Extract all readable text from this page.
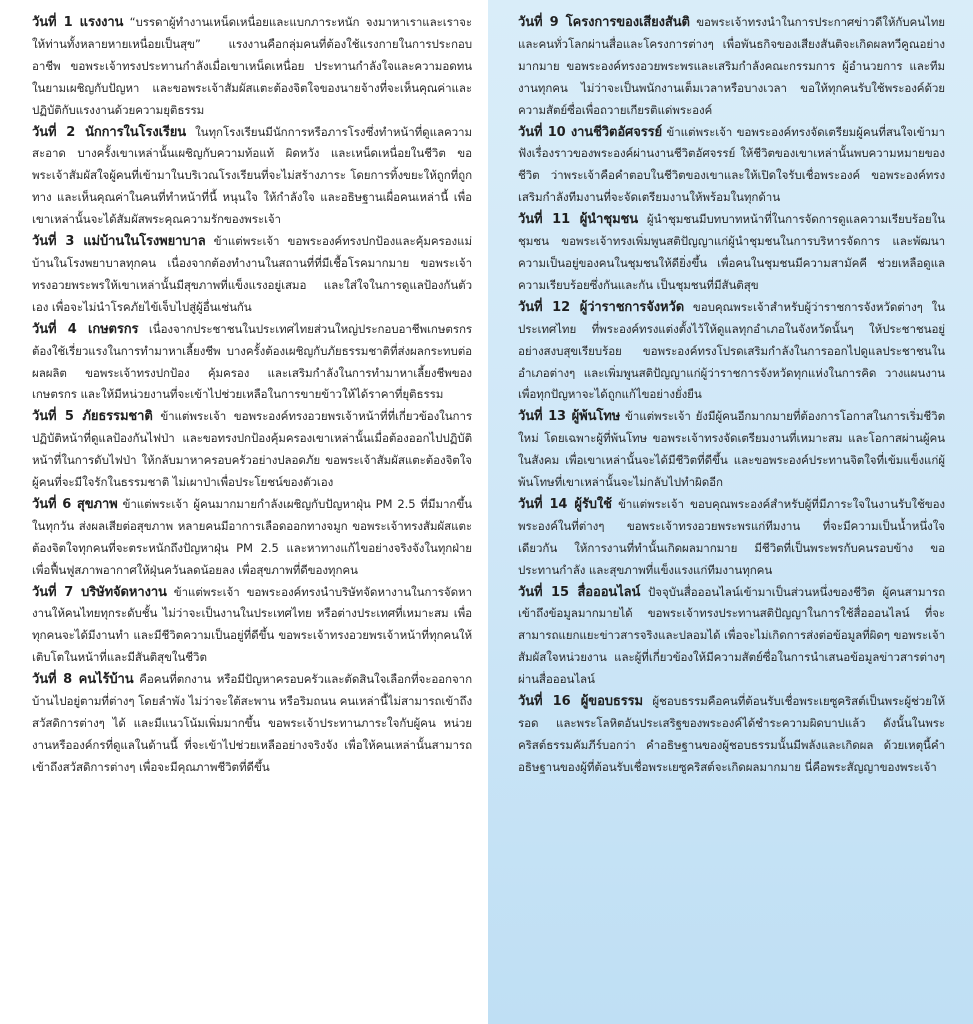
วันที่ 1 แรงงาน “บรรดาผู้ทำงานเหน็ดเหนื่อยและแบกภาระหนัก จงมาหาเราและเราจะให้ท่านทั้งหลายหายเหนื่อยเป็นสุข” แรงงานคือกลุ่มคนที่ต้องใช้แรงกายในการประกอบอาชีพ ขอพระเจ้าทรงประทานกำลังเมื่อเขาเหน็ดเหนื่อย ประทานกำลังใจและความอดทนในยามเผชิญกับปัญหา และขอพระเจ้าสัมผัสแตะต้องจิตใจของนายจ้างที่จะเห็นคุณค่าและปฏิบัติกับแรงงานด้วยความยุติธรรม

วันที่ 2 นักการในโรงเรียน ในทุกโรงเรียนมีนักการหรือภารโรงซึ่งทำหน้าที่ดูแลความสะอาด บางครั้งเขาเหล่านั้นเผชิญกับความท้อแท้ ผิดหวัง และเหน็ดเหนื่อยในชีวิต ขอพระเจ้าสัมผัสใจผู้คนที่เข้ามาในบริเวณโรงเรียนที่จะไม่สร้างภาระ โดยการทิ้งขยะให้ถูกที่ถูกทาง และเห็นคุณค่าในคนที่ทำหน้าที่นี้ หนุนใจ ให้กำลังใจ และอธิษฐานเผื่อคนเหล่านี้ เพื่อเขาเหล่านั้นจะได้สัมผัสพระคุณความรักของพระเจ้า

วันที่ 3 แม่บ้านในโรงพยาบาล ข้าแต่พระเจ้า ขอพระองค์ทรงปกป้องและคุ้มครองแม่บ้านในโรงพยาบาลทุกคน เนื่องจากต้องทำงานในสถานที่ที่มีเชื้อโรคมากมาย ขอพระเจ้าทรงอวยพระพรให้เขาเหล่านั้นมีสุขภาพที่แข็งแรงอยู่เสมอ และใส่ใจในการดูแลป้องกันตัวเอง เพื่อจะไม่นำโรคภัยไข้เจ็บไปสู่ผู้อื่นเช่นกัน

วันที่ 4 เกษตรกร เนื่องจากประชาชนในประเทศไทยส่วนใหญ่ประกอบอาชีพเกษตรกร ต้องใช้เรี่ยวแรงในการทำมาหาเลี้ยงชีพ บางครั้งต้องเผชิญกับภัยธรรมชาติที่ส่งผลกระทบต่อผลผลิต ขอพระเจ้าทรงปกป้อง คุ้มครอง และเสริมกำลังในการทำมาหาเลี้ยงชีพของเกษตรกร และให้มีหน่วยงานที่จะเข้าไปช่วยเหลือในการขายข้าวให้ได้ราคาที่ยุติธรรม

วันที่ 5 ภัยธรรมชาติ ข้าแต่พระเจ้า ขอพระองค์ทรงอวยพรเจ้าหน้าที่ที่เกี่ยวข้องในการปฏิบัติหน้าที่ดูแลป้องกันไฟป่า และขอทรงปกป้องคุ้มครองเขาเหล่านั้นเมื่อต้องออกไปปฏิบัติหน้าที่ในการดับไฟป่า ให้กลับมาหาครอบครัวอย่างปลอดภัย ขอพระเจ้าสัมผัสแตะต้องจิตใจผู้คนที่จะมีใจรักในธรรมชาติ ไม่เผาป่าเพื่อประโยชน์ของตัวเอง

วันที่ 6 สุขภาพ ข้าแต่พระเจ้า ผู้คนมากมายกำลังเผชิญกับปัญหาฝุ่น PM 2.5 ที่มีมากขึ้นในทุกวัน ส่งผลเสียต่อสุขภาพ หลายคนมีอาการเลือดออกทางจมูก ขอพระเจ้าทรงสัมผัสแตะต้องจิตใจทุกคนที่จะตระหนักถึงปัญหาฝุ่น PM 2.5 และหาทางแก้ไขอย่างจริงจังในทุกฝ่าย เพื่อฟื้นฟูสภาพอากาศให้ฝุ่นควันลดน้อยลง เพื่อสุขภาพที่ดีของทุกคน

วันที่ 7 บริษัทจัดหางาน ข้าแต่พระเจ้า ขอพระองค์ทรงนำบริษัทจัดหางานในการจัดหางานให้คนไทยทุกระดับชั้น ไม่ว่าจะเป็นงานในประเทศไทย หรือต่างประเทศที่เหมาะสม เพื่อทุกคนจะได้มีงานทำ และมีชีวิตความเป็นอยู่ที่ดีขึ้น ขอพระเจ้าทรงอวยพรเจ้าหน้าที่ทุกคนให้เติบโตในหน้าที่และมีสันติสุขในชีวิต

วันที่ 8 คนไร้บ้าน คือคนที่ตกงาน หรือมีปัญหาครอบครัวและตัดสินใจเลือกที่จะออกจากบ้านไปอยู่ตามที่ต่างๆ โดยลำพัง ไม่ว่าจะใต้สะพาน หรือริมถนน คนเหล่านี้ไม่สามารถเข้าถึงสวัสดิการต่างๆ ได้ และมีแนวโน้มเพิ่มมากขึ้น ขอพระเจ้าประทานภาระใจกับผู้คน หน่วยงานหรือองค์กรที่ดูแลในด้านนี้ ที่จะเข้าไปช่วยเหลืออย่างจริงจัง เพื่อให้คนเหล่านั้นสามารถเข้าถึงสวัสดิการต่างๆ เพื่อจะมีคุณภาพชีวิตที่ดีขึ้น

วันที่ 9 โครงการของเสียงสันติ ขอพระเจ้าทรงนำในการประกาศข่าวดีให้กับคนไทยและคนทั่วโลกผ่านสื่อและโครงการต่างๆ เพื่อพันธกิจของเสียงสันติจะเกิดผลทวีคูณอย่างมากมาย ขอพระองค์ทรงอวยพระพรและเสริมกำลังคณะกรรมการ ผู้อำนวยการ และทีมงานทุกคน ไม่ว่าจะเป็นพนักงานเต็มเวลาหรือบางเวลา ขอให้ทุกคนรับใช้พระองค์ด้วยความสัตย์ซื่อเพื่อถวายเกียรติแด่พระองค์

วันที่ 10 งานชีวิตอัศจรรย์ ข้าแต่พระเจ้า ขอพระองค์ทรงจัดเตรียมผู้คนที่สนใจเข้ามาฟังเรื่องราวของพระองค์ผ่านงานชีวิตอัศจรรย์ ให้ชีวิตของเขาเหล่านั้นพบความหมายของชีวิต ว่าพระเจ้าคือคำตอบในชีวิตของเขาและให้เปิดใจรับเชื่อพระองค์ ขอพระองค์ทรงเสริมกำลังทีมงานที่จะจัดเตรียมงานให้พร้อมในทุกด้าน

วันที่ 11 ผู้นำชุมชน ผู้นำชุมชนมีบทบาทหน้าที่ในการจัดการดูแลความเรียบร้อยในชุมชน ขอพระเจ้าทรงเพิ่มพูนสติปัญญาแก่ผู้นำชุมชนในการบริหารจัดการ และพัฒนาความเป็นอยู่ของคนในชุมชนให้ดียิ่งขึ้น เพื่อคนในชุมชนมีความสามัคคี ช่วยเหลือดูแลความเรียบร้อยซึ่งกันและกัน เป็นชุมชนที่มีสันติสุข

วันที่ 12 ผู้ว่าราชการจังหวัด ขอบคุณพระเจ้าสำหรับผู้ว่าราชการจังหวัดต่างๆ ในประเทศไทย ที่พระองค์ทรงแต่งตั้งไว้ให้ดูแลทุกอำเภอในจังหวัดนั้นๆ ให้ประชาชนอยู่อย่างสงบสุขเรียบร้อย ขอพระองค์ทรงโปรดเสริมกำลังในการออกไปดูแลประชาชนในอำเภอต่างๆ และเพิ่มพูนสติปัญญาแก่ผู้ว่าราชการจังหวัดทุกแห่งในการคิด วางแผนงาน เพื่อทุกปัญหาจะได้ถูกแก้ไขอย่างยั่งยืน

วันที่ 13 ผู้พ้นโทษ ข้าแต่พระเจ้า ยังมีผู้คนอีกมากมายที่ต้องการโอกาสในการเริ่มชีวิตใหม่ โดยเฉพาะผู้ที่พ้นโทษ ขอพระเจ้าทรงจัดเตรียมงานที่เหมาะสม และโอกาสผ่านผู้คนในสังคม เพื่อเขาเหล่านั้นจะได้มีชีวิตที่ดีขึ้น และขอพระองค์ประทานจิตใจที่เข้มแข็งแก่ผู้พ้นโทษที่เขาเหล่านั้นจะไม่กลับไปทำผิดอีก

วันที่ 14 ผู้รับใช้ ข้าแต่พระเจ้า ขอบคุณพระองค์สำหรับผู้ที่มีภาระใจในงานรับใช้ของพระองค์ในที่ต่างๆ ขอพระเจ้าทรงอวยพระพรแก่ทีมงาน ที่จะมีความเป็นน้ำหนึ่งใจเดียวกัน ให้การงานที่ทำนั้นเกิดผลมากมาย มีชีวิตที่เป็นพระพรกับคนรอบข้าง ขอประทานกำลัง และสุขภาพที่แข็งแรงแก่ทีมงานทุกคน

วันที่ 15 สื่อออนไลน์ ปัจจุบันสื่อออนไลน์เข้ามาเป็นส่วนหนึ่งของชีวิต ผู้คนสามารถเข้าถึงข้อมูลมากมายได้ ขอพระเจ้าทรงประทานสติปัญญาในการใช้สื่อออนไลน์ ที่จะสามารถแยกแยะข่าวสารจริงและปลอมได้ เพื่อจะไม่เกิดการส่งต่อข้อมูลที่ผิดๆ ขอพระเจ้าสัมผัสใจหน่วยงาน และผู้ที่เกี่ยวข้องให้มีความสัตย์ซื่อในการนำเสนอข้อมูลข่าวสารต่างๆ ผ่านสื่อออนไลน์

วันที่ 16 ผู้ขอบธรรม ผู้ชอบธรรมคือคนที่ต้อนรับเชื่อพระเยซูคริสต์เป็นพระผู้ช่วยให้รอด และพระโลหิตอันประเสริฐของพระองค์ได้ชำระความผิดบาปแล้ว ดังนั้นในพระคริสต์ธรรมคัมภีร์บอกว่า คำอธิษฐานของผู้ชอบธรรมนั้นมีพลังและเกิดผล ด้วยเหตุนี้คำอธิษฐานของผู้ที่ต้อนรับเชื่อพระเยซูคริสต์จะเกิดผลมากมาย นี่คือพระสัญญาของพระเจ้า
